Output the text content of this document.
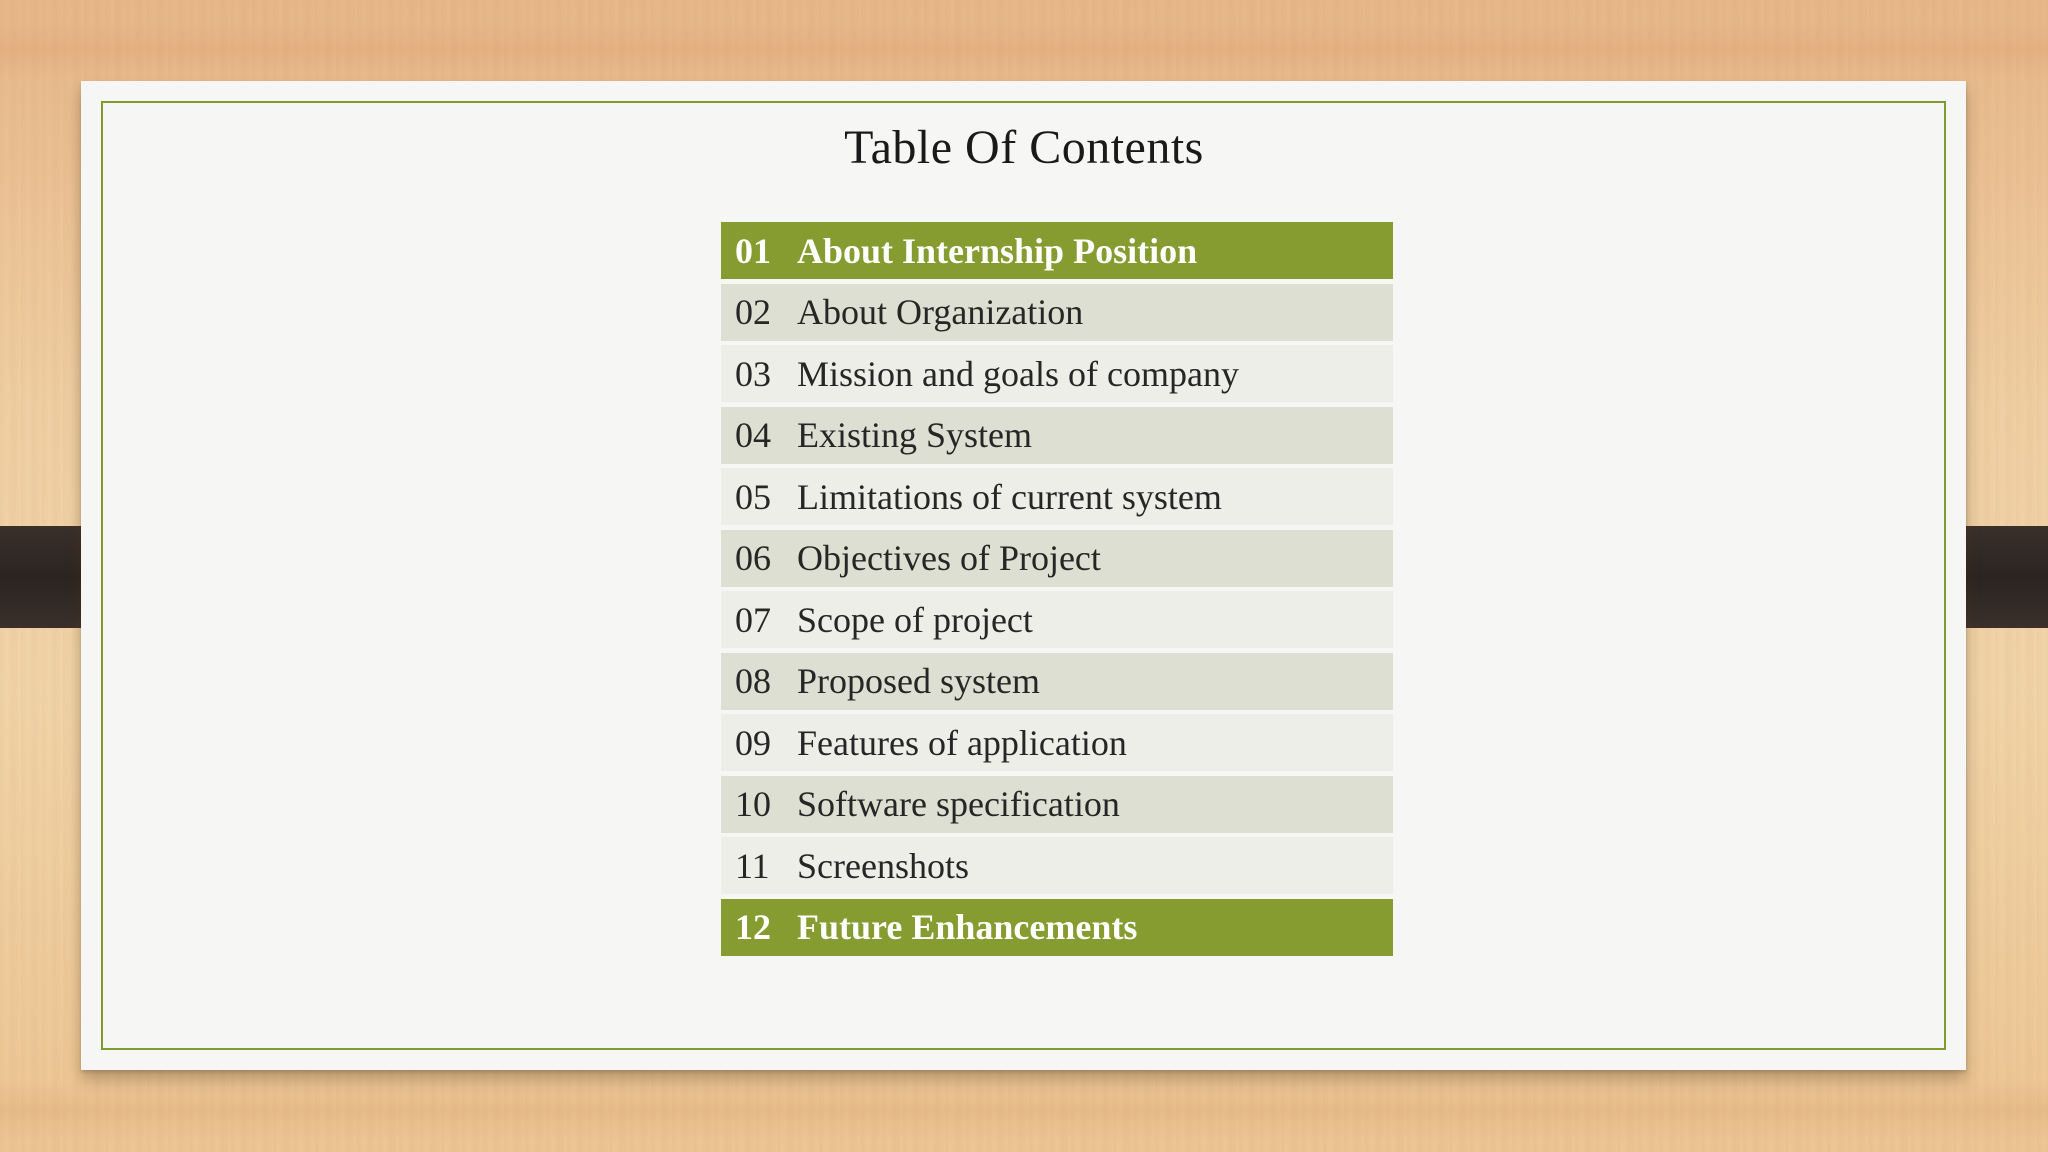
Table Of Contents
01 About Internship Position
02 About Organization
03 Mission and goals of company
04 Existing System
05 Limitations of current system
06 Objectives of Project
07 Scope of project
08 Proposed system
09 Features of application
10 Software specification
11 Screenshots
12 Future Enhancements
